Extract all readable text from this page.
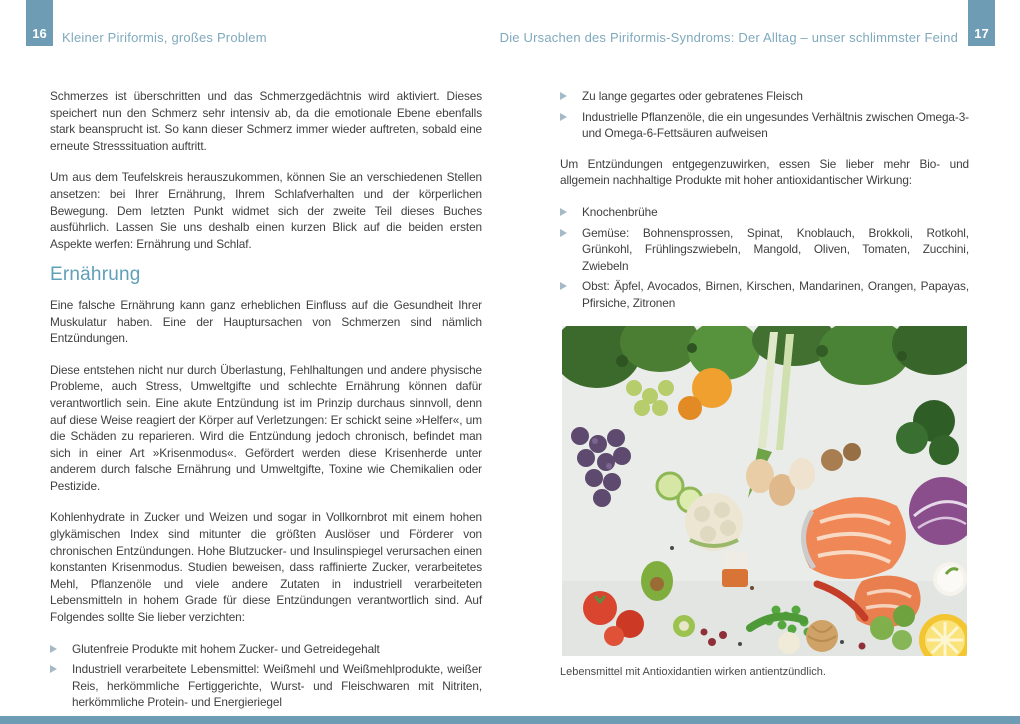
16	Kleiner Piriformis, großes Problem	Die Ursachen des Piriformis-Syndroms: Der Alltag – unser schlimmster Feind	17

Schmerzes ist überschritten und das Schmerzgedächtnis wird aktiviert. Dieses speichert nun den Schmerz sehr intensiv ab, da die emotionale Ebene ebenfalls stark beansprucht ist. So kann dieser Schmerz immer wieder auftreten, sobald eine erneute Stresssituation auftritt.

Um aus dem Teufelskreis herauszukommen, können Sie an verschiedenen Stellen ansetzen: bei Ihrer Ernährung, Ihrem Schlafverhalten und der körperlichen Bewegung. Dem letzten Punkt widmet sich der zweite Teil dieses Buches ausführlich. Lassen Sie uns deshalb einen kurzen Blick auf die beiden ersten Aspekte werfen: Ernährung und Schlaf.

Ernährung

Eine falsche Ernährung kann ganz erheblichen Einfluss auf die Gesundheit Ihrer Muskulatur haben. Eine der Hauptursachen von Schmerzen sind nämlich Entzündungen.

Diese entstehen nicht nur durch Überlastung, Fehlhaltungen und andere physische Probleme, auch Stress, Umweltgifte und schlechte Ernährung können dafür verantwortlich sein. Eine akute Entzündung ist im Prinzip durchaus sinnvoll, denn auf diese Weise reagiert der Körper auf Verletzungen: Er schickt seine »Helfer«, um die Schäden zu reparieren. Wird die Entzündung jedoch chronisch, befindet man sich in einer Art »Krisenmodus«. Gefördert werden diese Krisenherde unter anderem durch falsche Ernährung und Umweltgifte, Toxine wie Chemikalien oder Pestizide.

Kohlenhydrate in Zucker und Weizen und sogar in Vollkornbrot mit einem hohen glykämischen Index sind mitunter die größten Auslöser und Förderer von chronischen Entzündungen. Hohe Blutzucker- und Insulinspiegel verursachen einen konstanten Krisenmodus. Studien beweisen, dass raffinierte Zucker, verarbeitetes Mehl, Pflanzenöle und viele andere Zutaten in industriell verarbeiteten Lebensmitteln in hohem Grade für diese Entzündungen verantwortlich sind. Auf Folgendes sollte Sie lieber verzichten:

Glutenfreie Produkte mit hohem Zucker- und Getreidegehalt
Industriell verarbeitete Lebensmittel: Weißmehl und Weißmehlprodukte, weißer Reis, herkömmliche Fertiggerichte, Wurst- und Fleischwaren mit Nitriten, herkömmliche Protein- und Energieriegel
Zu lange gegartes oder gebratenes Fleisch
Industrielle Pflanzenöle, die ein ungesundes Verhältnis zwischen Omega-3- und Omega-6-Fettsäuren aufweisen

Um Entzündungen entgegenzuwirken, essen Sie lieber mehr Bio- und allgemein nachhaltige Produkte mit hoher antioxidantischer Wirkung:

Knochenbrühe
Gemüse: Bohnensprossen, Spinat, Knoblauch, Brokkoli, Rotkohl, Grünkohl, Frühlingszwiebeln, Mangold, Oliven, Tomaten, Zucchini, Zwiebeln
Obst: Äpfel, Avocados, Birnen, Kirschen, Mandarinen, Orangen, Papayas, Pfirsiche, Zitronen
Lebensmittel mit Antioxidantien wirken antientzündlich.
